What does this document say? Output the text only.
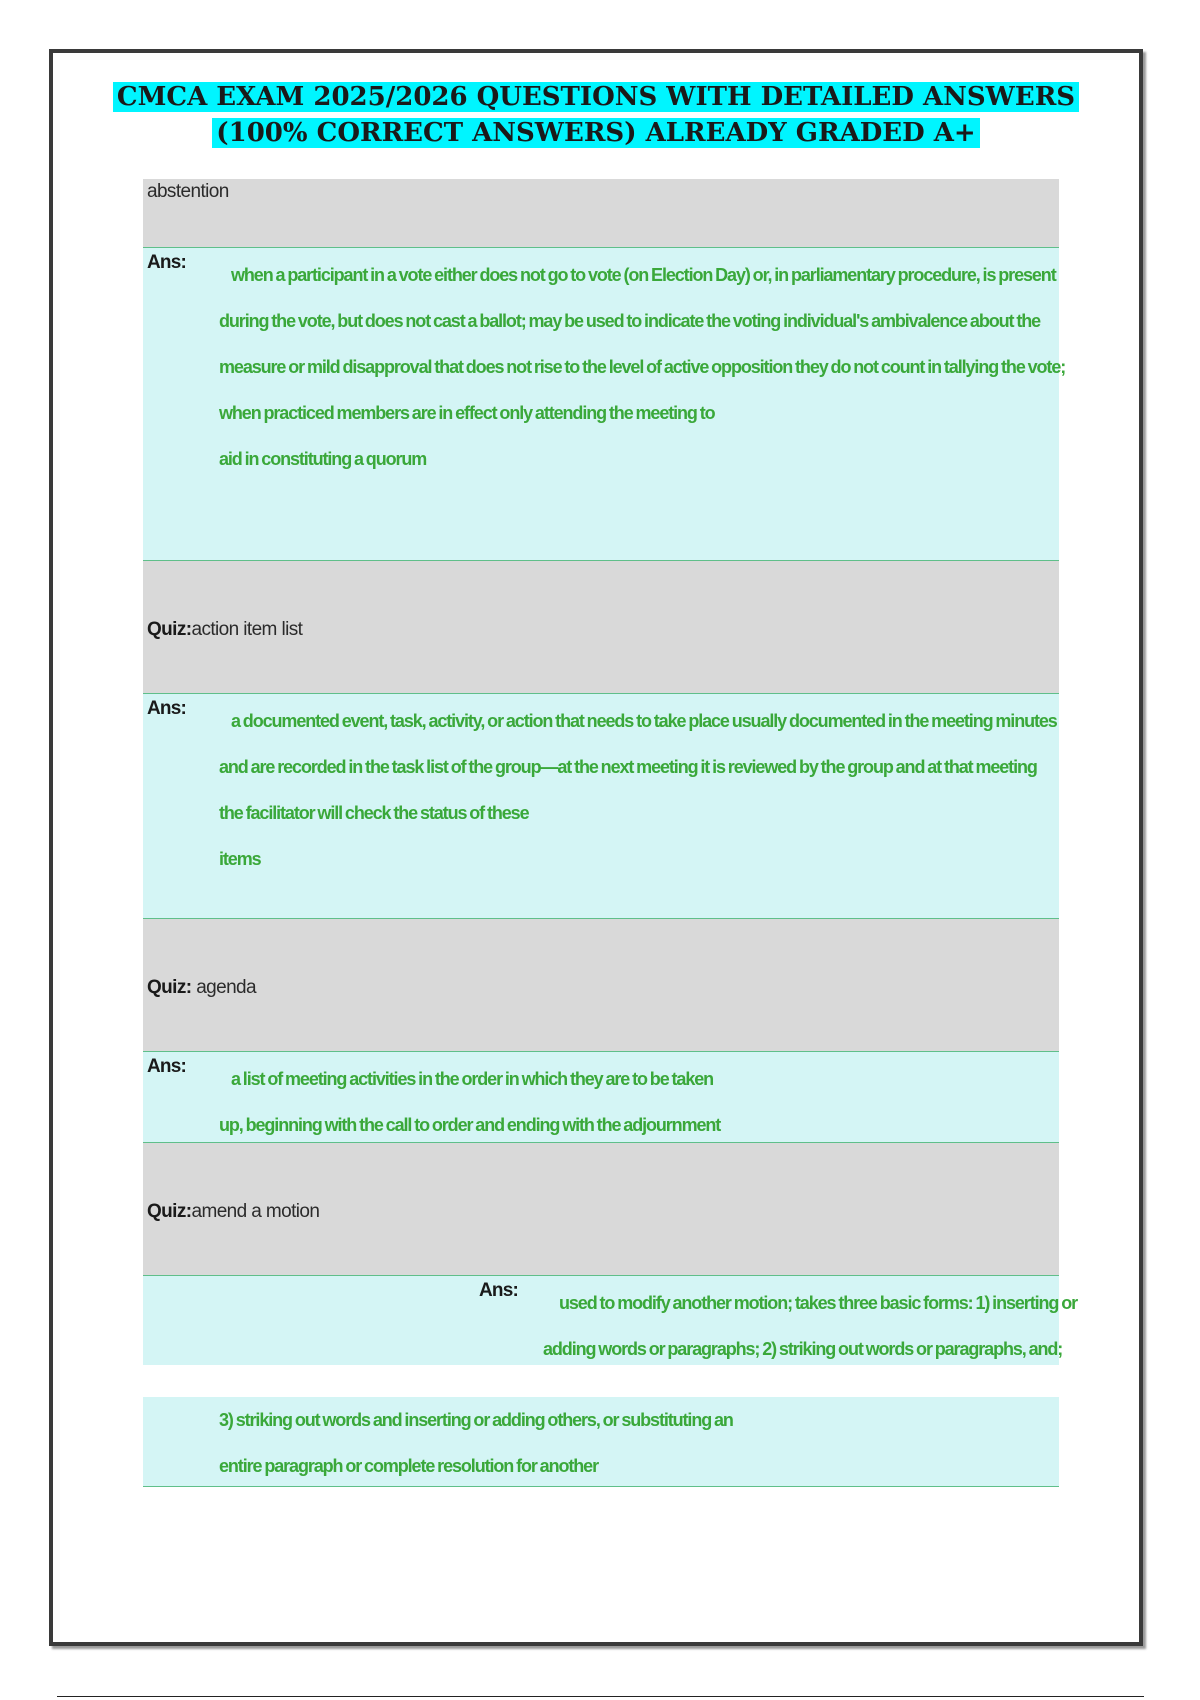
CMCA EXAM 2025/2026 QUESTIONS WITH DETAILED ANSWERS
(100% CORRECT ANSWERS) ALREADY GRADED A+
abstention
Ans:
when a participant in a vote either does not go to vote (on Election Day) or, in parliamentary procedure, is present
during the vote, but does not cast a ballot; may be used to indicate the voting individual's ambivalence about the
measure or mild disapproval that does not rise to the level of active opposition they do not count in tallying the vote;
when practiced members are in effect only attending the meeting to
aid in constituting a quorum
Quiz:action item list
Ans:
a documented event, task, activity, or action that needs to take place usually documented in the meeting minutes
and are recorded in the task list of the group—at the next meeting it is reviewed by the group and at that meeting
the facilitator will check the status of these
items
Quiz: agenda
Ans:
a list of meeting activities in the order in which they are to be taken
up, beginning with the call to order and ending with the adjournment
Quiz:amend a motion
Ans:
used to modify another motion; takes three basic forms: 1) inserting or
adding words or paragraphs; 2) striking out words or paragraphs, and;
3) striking out words and inserting or adding others, or substituting an
entire paragraph or complete resolution for another
